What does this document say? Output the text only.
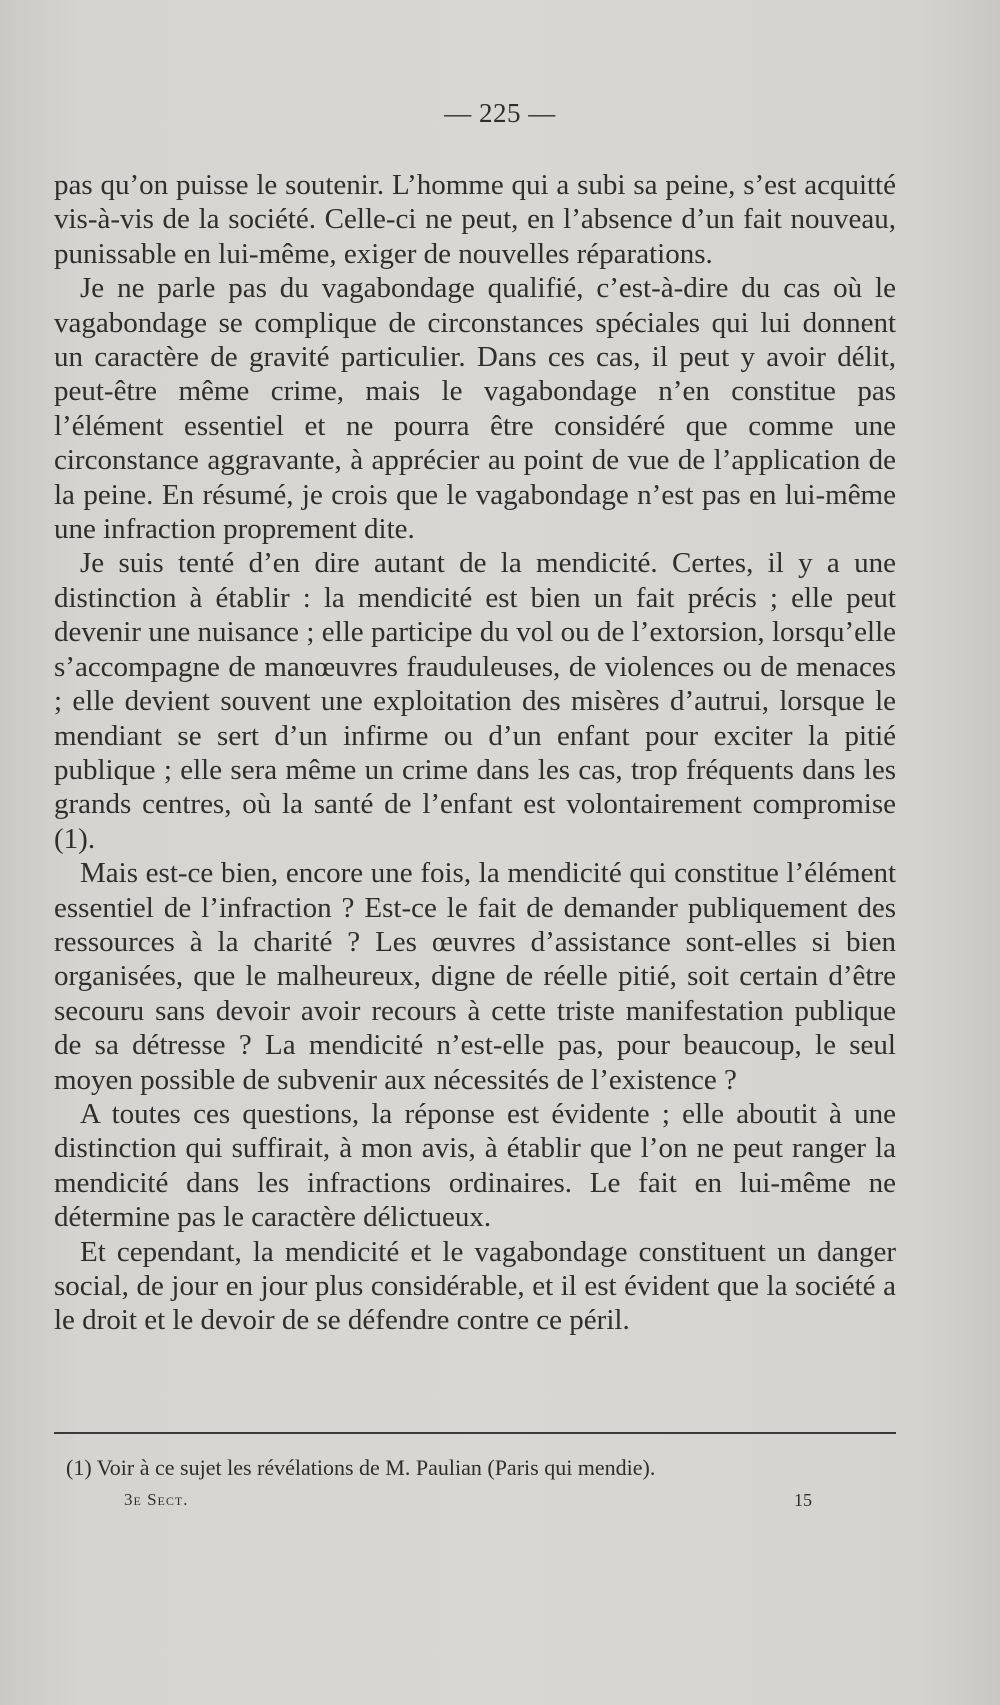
— 225 —

pas qu’on puisse le soutenir. L’homme qui a subi sa peine, s’est acquitté vis-à-vis de la société. Celle-ci ne peut, en l’absence d’un fait nouveau, punissable en lui-même, exiger de nouvelles réparations.

Je ne parle pas du vagabondage qualifié, c’est-à-dire du cas où le vagabondage se complique de circonstances spéciales qui lui donnent un caractère de gravité particulier. Dans ces cas, il peut y avoir délit, peut-être même crime, mais le vagabondage n’en constitue pas l’élément essentiel et ne pourra être considéré que comme une circonstance aggravante, à apprécier au point de vue de l’application de la peine. En résumé, je crois que le vagabondage n’est pas en lui-même une infraction proprement dite.

Je suis tenté d’en dire autant de la mendicité. Certes, il y a une distinction à établir : la mendicité est bien un fait précis ; elle peut devenir une nuisance ; elle participe du vol ou de l’extorsion, lorsqu’elle s’accompagne de manœuvres frauduleuses, de violences ou de menaces ; elle devient souvent une exploitation des misères d’autrui, lorsque le mendiant se sert d’un infirme ou d’un enfant pour exciter la pitié publique ; elle sera même un crime dans les cas, trop fréquents dans les grands centres, où la santé de l’enfant est volontairement compromise (1).

Mais est-ce bien, encore une fois, la mendicité qui constitue l’élément essentiel de l’infraction ? Est-ce le fait de demander publiquement des ressources à la charité ? Les œuvres d’assistance sont-elles si bien organisées, que le malheureux, digne de réelle pitié, soit certain d’être secouru sans devoir avoir recours à cette triste manifestation publique de sa détresse ? La mendicité n’est-elle pas, pour beaucoup, le seul moyen possible de subvenir aux nécessités de l’existence ?

A toutes ces questions, la réponse est évidente ; elle aboutit à une distinction qui suffirait, à mon avis, à établir que l’on ne peut ranger la mendicité dans les infractions ordinaires. Le fait en lui-même ne détermine pas le caractère délictueux.

Et cependant, la mendicité et le vagabondage constituent un danger social, de jour en jour plus considérable, et il est évident que la société a le droit et le devoir de se défendre contre ce péril.

(1) Voir à ce sujet les révélations de M. Paulian (Paris qui mendie).
3e Sect.	15
